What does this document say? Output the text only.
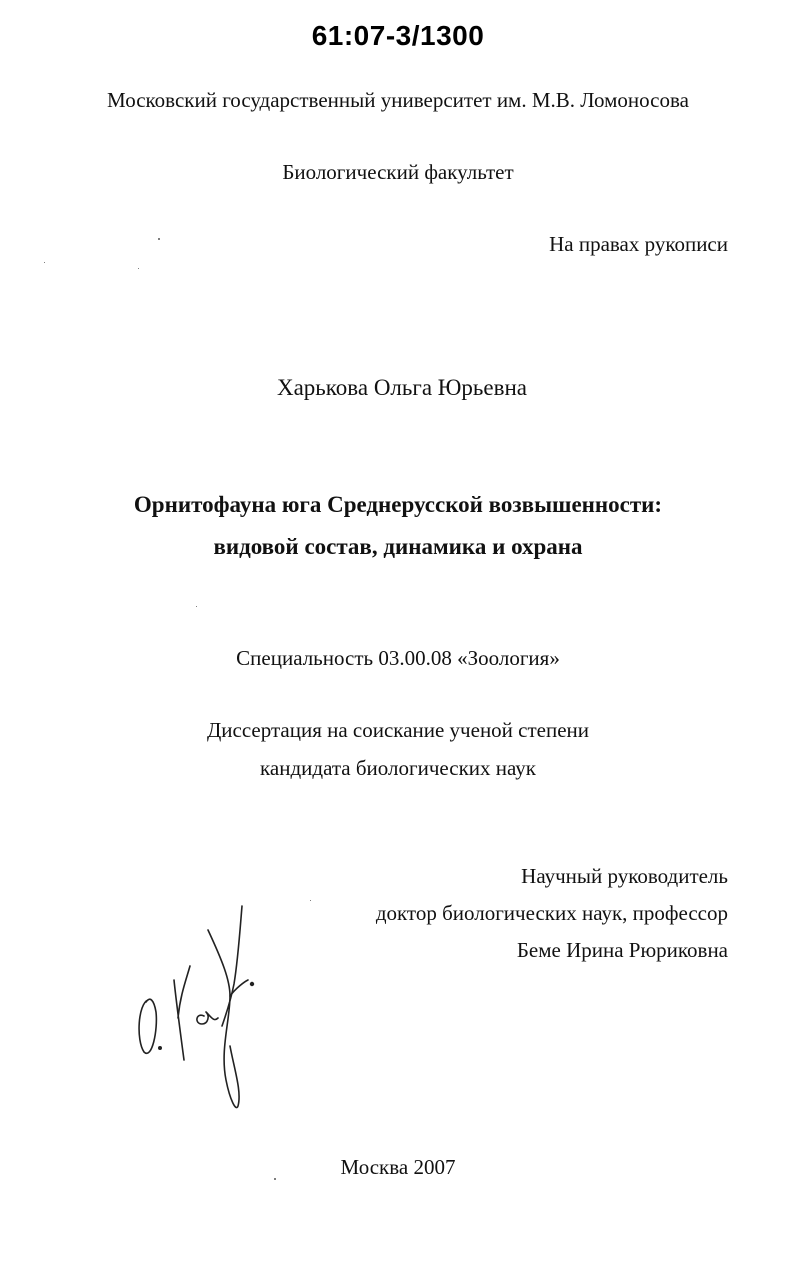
61:07-3/1300
Московский государственный университет им. М.В. Ломоносова
Биологический факультет
На правах рукописи
Харькова Ольга Юрьевна
Орнитофауна юга Среднерусской возвышенности:
видовой состав, динамика и охрана
Специальность 03.00.08 «Зоология»
Диссертация на соискание ученой степени
кандидата биологических наук
Научный руководитель
доктор биологических наук, профессор
Беме Ирина Рюриковна
Москва 2007
